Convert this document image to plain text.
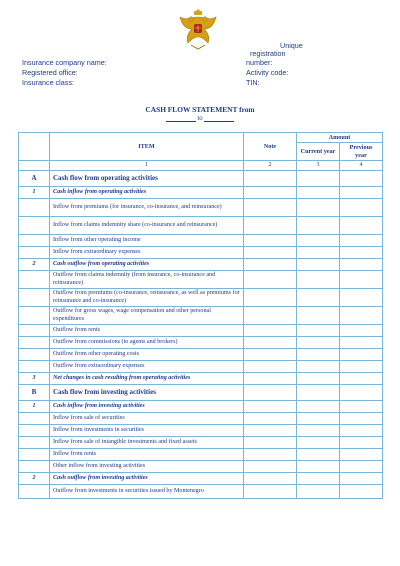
Insurance company name:
Registered office:
Insurance class:
Unique
registration
number:
Activity code:
TIN:
CASH FLOW STATEMENT from
to
	ITEM	Note	Amount	
			Current year	Previous year
	1	2	3	4
A	Cash flow from operating activities			
1	Cash inflow from operating activities			
	Inflow from premiums (for insurance, co-insurance, and reinsurance)			
	Inflow from claims indemnity share (co-insurance and reinsurance)			
	Inflow from other operating income			
	Inflow from extraordinary expenses			
2	Cash outflow from operating activities			
	Outflow from claims indemnity (from insurance, co-insurance and reinsurance)			
	Outflow from premiums (co-insurance, reinsurance, as well as premiums for reinsurance and co-insurance)			
	Outflow for gross wages, wage compensation and other personal expenditures			
	Outflow from rents			
	Outflow from commissions (to agents and brokers)			
	Outflow from other operating costs			
	Outflow from extraordinary expenses			
3	Net changes in cash resulting from operating activities			
B	Cash flow from investing activities			
1	Cash inflow from investing activities			
	Inflow from sale of securities			
	Inflow from investments in securities			
	Inflow from sale of intangible investments and fixed assets			
	Inflow from rents			
	Other inflow from investing activities			
2	Cash outflow from investing activities			
	Outflow from investments in securities issued by Montenegro			
